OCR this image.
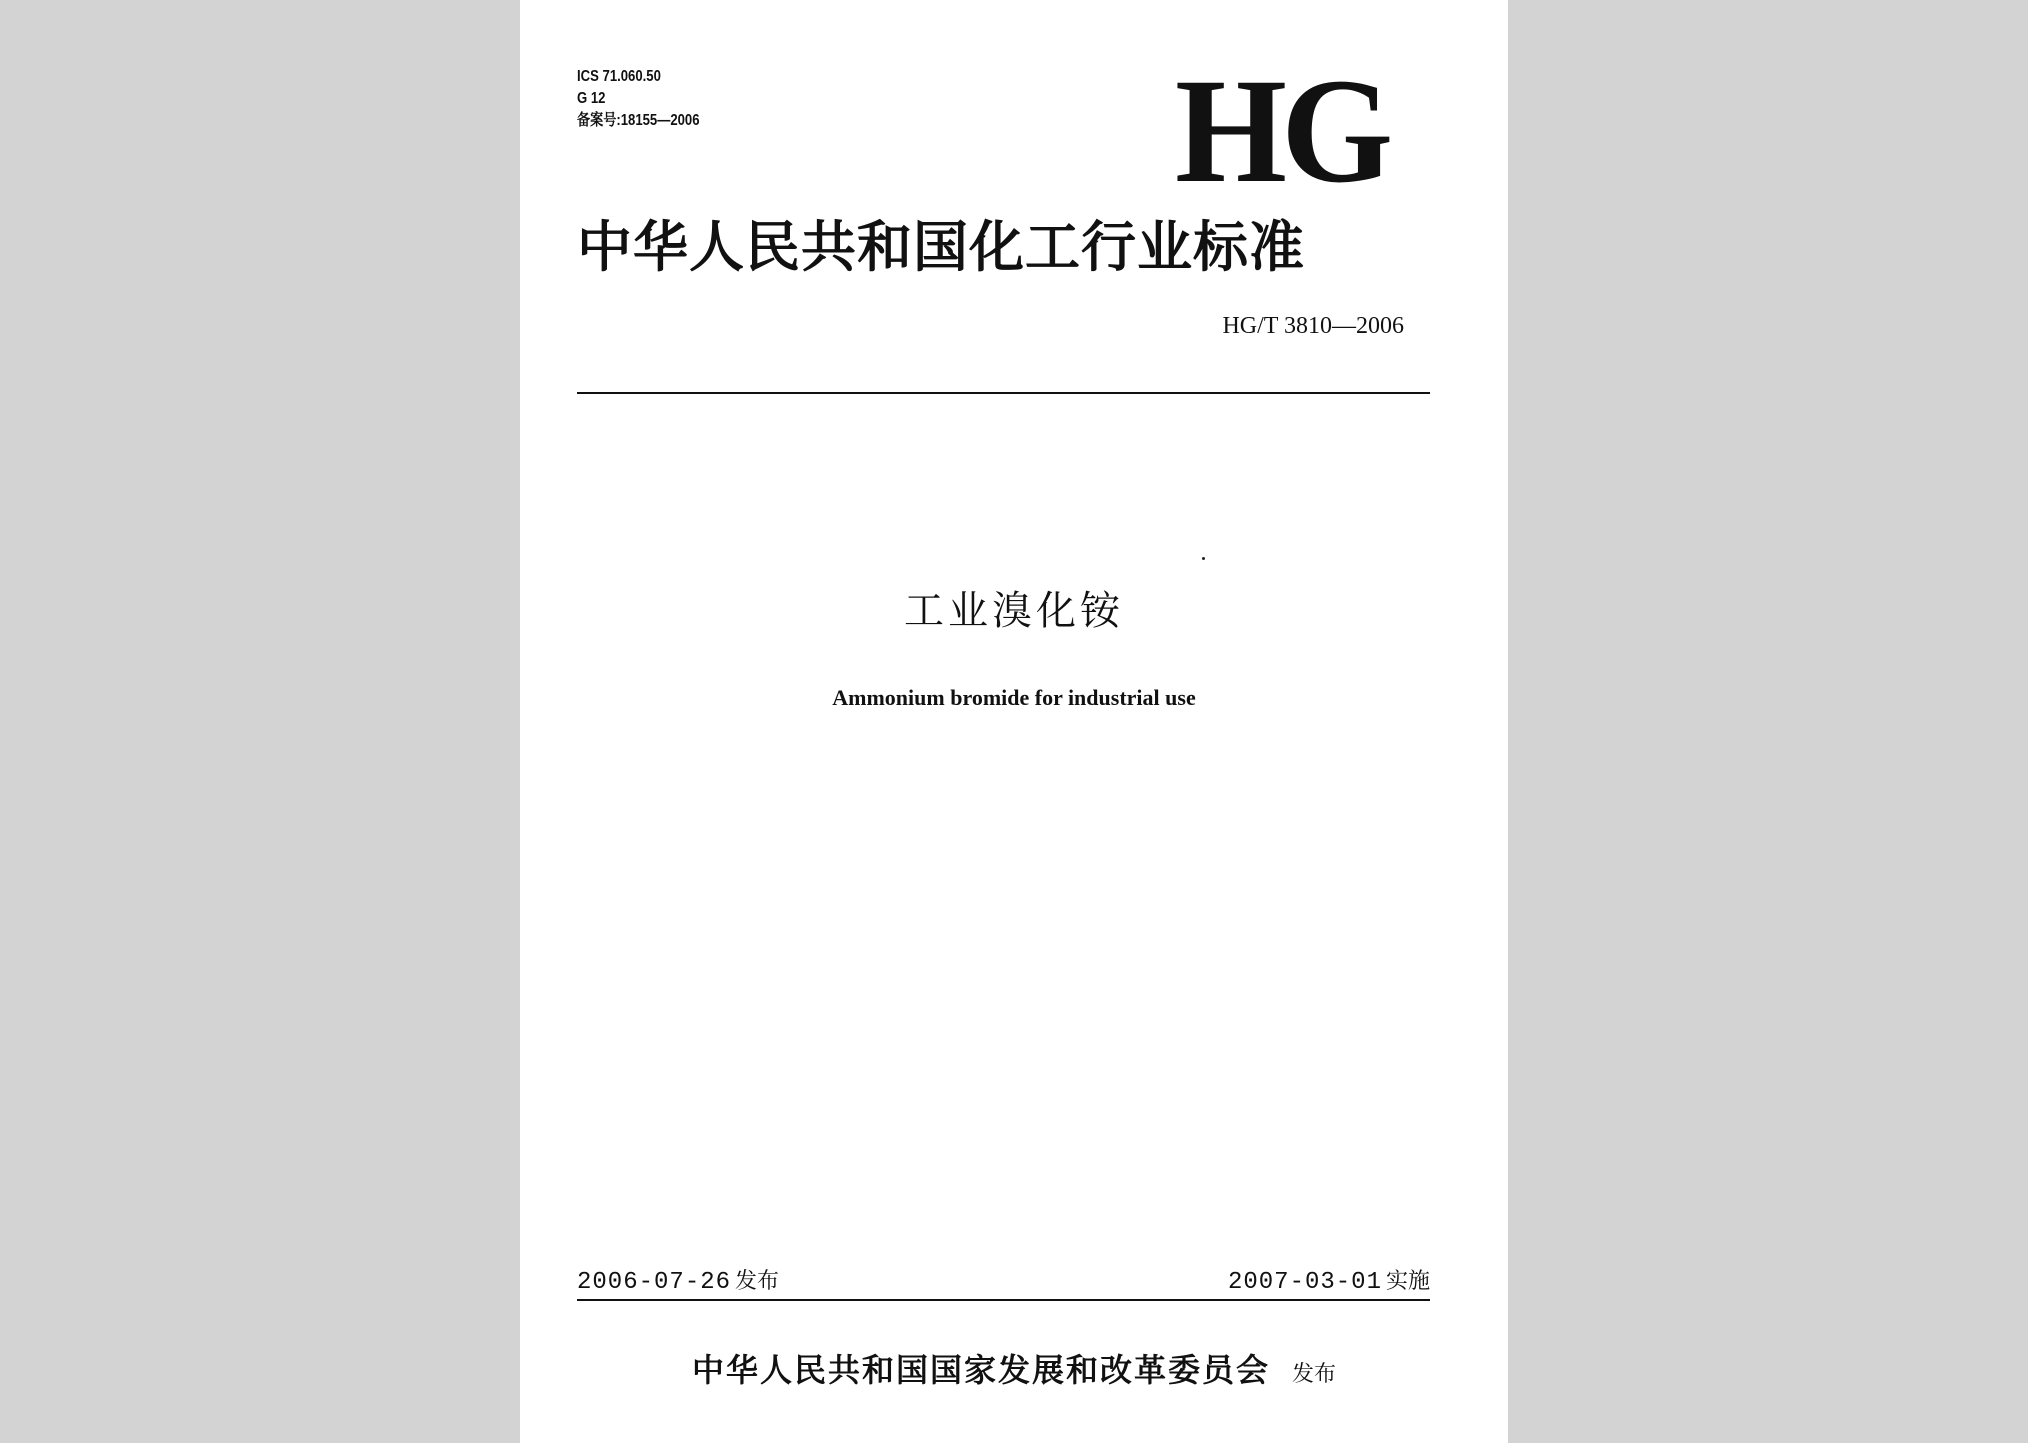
ICS 71.060.50
G 12
备案号:18155—2006	HG
中华人民共和国化工行业标准
HG/T 3810—2006
工业溴化铵
Ammonium bromide for industrial use
2006-07-26 发布	2007-03-01 实施
中华人民共和国国家发展和改革委员会 发布
